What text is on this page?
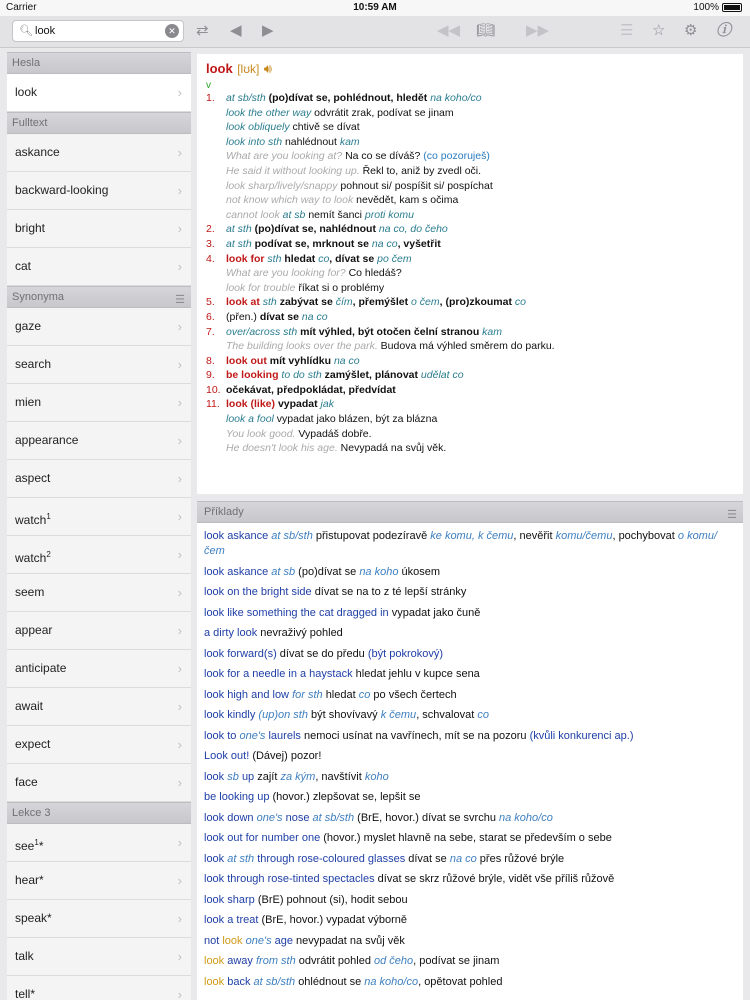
Carrier	10:59 AM	100%
🔍︎ look	✕ ⇄ ◀ ▶	◀◀ 📖︎ ▶▶	☰ ☆ ⚙ ⓘ
Hesla
look	›
Fulltext
askance	›
backward-looking	›
bright	›
cat	›
Synonyma	☰
gaze	›
search	›
mien	›
appearance	›
aspect	›
watch$^1$	›
watch$^2$	›
seem	›
appear	›
anticipate	›
await	›
expect	›
face	›
Lekce 3
see$^1$*	›
hear*	›
speak*	›
talk	›
tell*	›
look [lʊk] 🔊︎
v
1. at sb/sth (po)dívat se, pohlédnout, hledět na koho/co
look the other way odvrátit zrak, podívat se jinam
look obliquely chtivě se dívat
look into sth nahlédnout kam
What are you looking at? Na co se díváš? (co pozoruješ)
He said it without looking up. Řekl to, aniž by zvedl oči.
look sharp/lively/snappy pohnout si/ pospíšit si/ pospíchat
not know which way to look nevědět, kam s očima
cannot look at sb nemít šanci proti komu
2. at sth (po)dívat se, nahlédnout na co, do čeho
3. at sth podívat se, mrknout se na co, vyšetřit
4. look for sth hledat co, dívat se po čem
What are you looking for? Co hledáš?
look for trouble říkat si o problémy
5. look at sth zabývat se čím, přemýšlet o čem, (pro)zkoumat co
6. (přen.) dívat se na co
7. over/across sth mít výhled, být otočen čelní stranou kam
The building looks over the park. Budova má výhled směrem do parku.
8. look out mít vyhlídku na co
9. be looking to do sth zamýšlet, plánovat udělat co
10. očekávat, předpokládat, předvídat
11. look (like) vypadat jak
look a fool vypadat jako blázen, být za blázna
You look good. Vypadáš dobře.
He doesn't look his age. Nevypadá na svůj věk.
Příklady	☰
look askance at sb/sth přistupovat podezíravě ke komu, k čemu, nevěřit komu/čemu, pochybovat o komu/čem
look askance at sb (po)dívat se na koho úkosem
look on the bright side dívat se na to z té lepší stránky
look like something the cat dragged in vypadat jako čuně
a dirty look nevraživý pohled
look forward(s) dívat se do předu (být pokrokový)
look for a needle in a haystack hledat jehlu v kupce sena
look high and low for sth hledat co po všech čertech
look kindly (up)on sth být shovívavý k čemu, schvalovat co
look to one's laurels nemoci usínat na vavřínech, mít se na pozoru (kvůli konkurenci ap.)
Look out! (Dávej) pozor!
look sb up zajít za kým, navštívit koho
be looking up (hovor.) zlepšovat se, lepšit se
look down one's nose at sb/sth (BrE, hovor.) dívat se svrchu na koho/co
look out for number one (hovor.) myslet hlavně na sebe, starat se především o sebe
look at sth through rose-coloured glasses dívat se na co přes růžové brýle
look through rose-tinted spectacles dívat se skrz růžové brýle, vidět vše příliš růžově
look sharp (BrE) pohnout (si), hodit sebou
look a treat (BrE, hovor.) vypadat výborně
not look one's age nevypadat na svůj věk
look away from sth odvrátit pohled od čeho, podívat se jinam
look back at sb/sth ohlédnout se na koho/co, opětovat pohled
